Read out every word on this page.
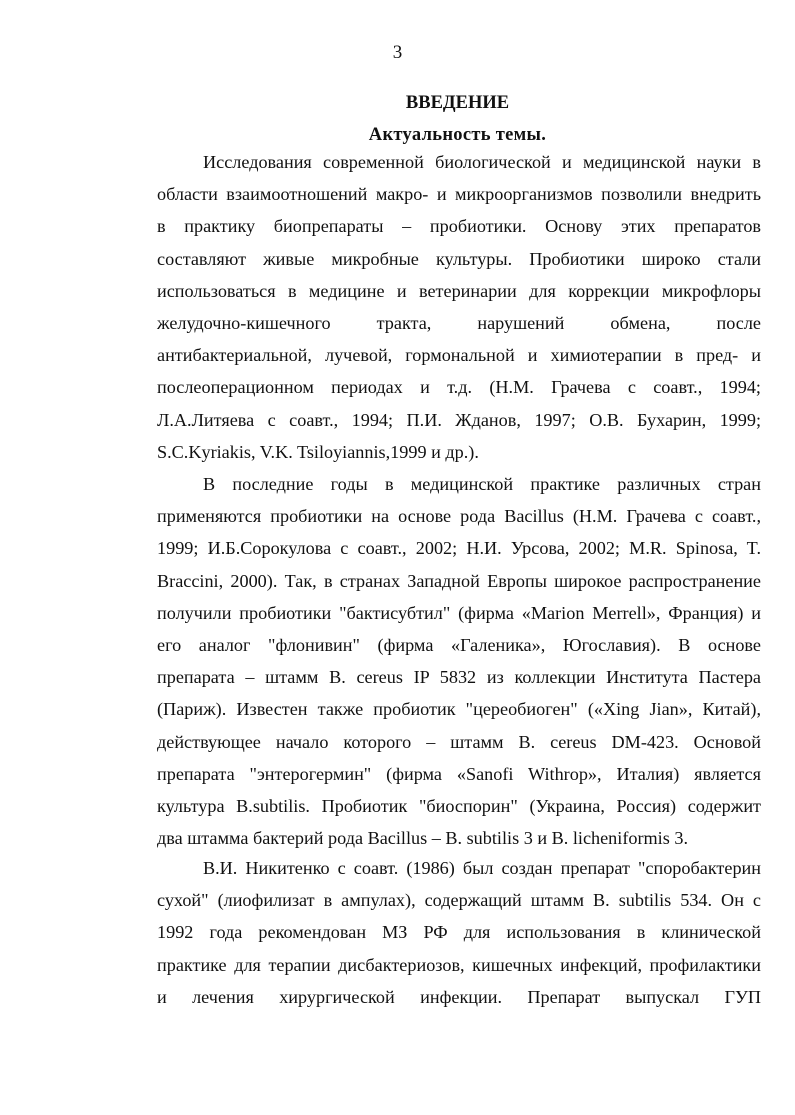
3
ВВЕДЕНИЕ
Актуальность темы.
Исследования современной биологической и медицинской науки в
области взаимоотношений макро- и микроорганизмов позволили внедрить
в практику биопрепараты – пробиотики. Основу этих препаратов
составляют живые микробные культуры. Пробиотики широко стали
использоваться в медицине и ветеринарии для коррекции микрофлоры
желудочно-кишечного тракта, нарушений обмена, после
антибактериальной, лучевой, гормональной и химиотерапии в пред- и
послеоперационном периодах и т.д. (Н.М. Грачева с соавт., 1994;
Л.А.Литяева с соавт., 1994; П.И. Жданов, 1997; О.В. Бухарин, 1999;
S.C.Kyriakis, V.K. Tsiloyiannis,1999 и др.).
В последние годы в медицинской практике различных стран
применяются пробиотики на основе рода Bacillus (Н.М. Грачева с соавт.,
1999; И.Б.Сорокулова с соавт., 2002; Н.И. Урсова, 2002; M.R. Spinosa, T.
Braccini, 2000). Так, в странах Западной Европы широкое распространение
получили пробиотики "бактисубтил" (фирма «Marion Merrell», Франция) и
его аналог "флонивин" (фирма «Галеника», Югославия). В основе
препарата – штамм B. cereus IP 5832 из коллекции Института Пастера
(Париж). Известен также пробиотик "цереобиоген" («Xing Jian», Китай),
действующее начало которого – штамм B. cereus DM-423. Основой
препарата "энтерогермин" (фирма «Sanofi Withrop», Италия) является
культура B.subtilis. Пробиотик "биоспорин" (Украина, Россия) содержит
два штамма бактерий рода Bacillus – B. subtilis 3 и B. licheniformis 3.
В.И. Никитенко с соавт. (1986) был создан препарат "споробактерин
сухой" (лиофилизат в ампулах), содержащий штамм B. subtilis 534. Он с
1992 года рекомендован МЗ РФ для использования в клинической
практике для терапии дисбактериозов, кишечных инфекций, профилактики
и лечения хирургической инфекции. Препарат выпускал ГУП
